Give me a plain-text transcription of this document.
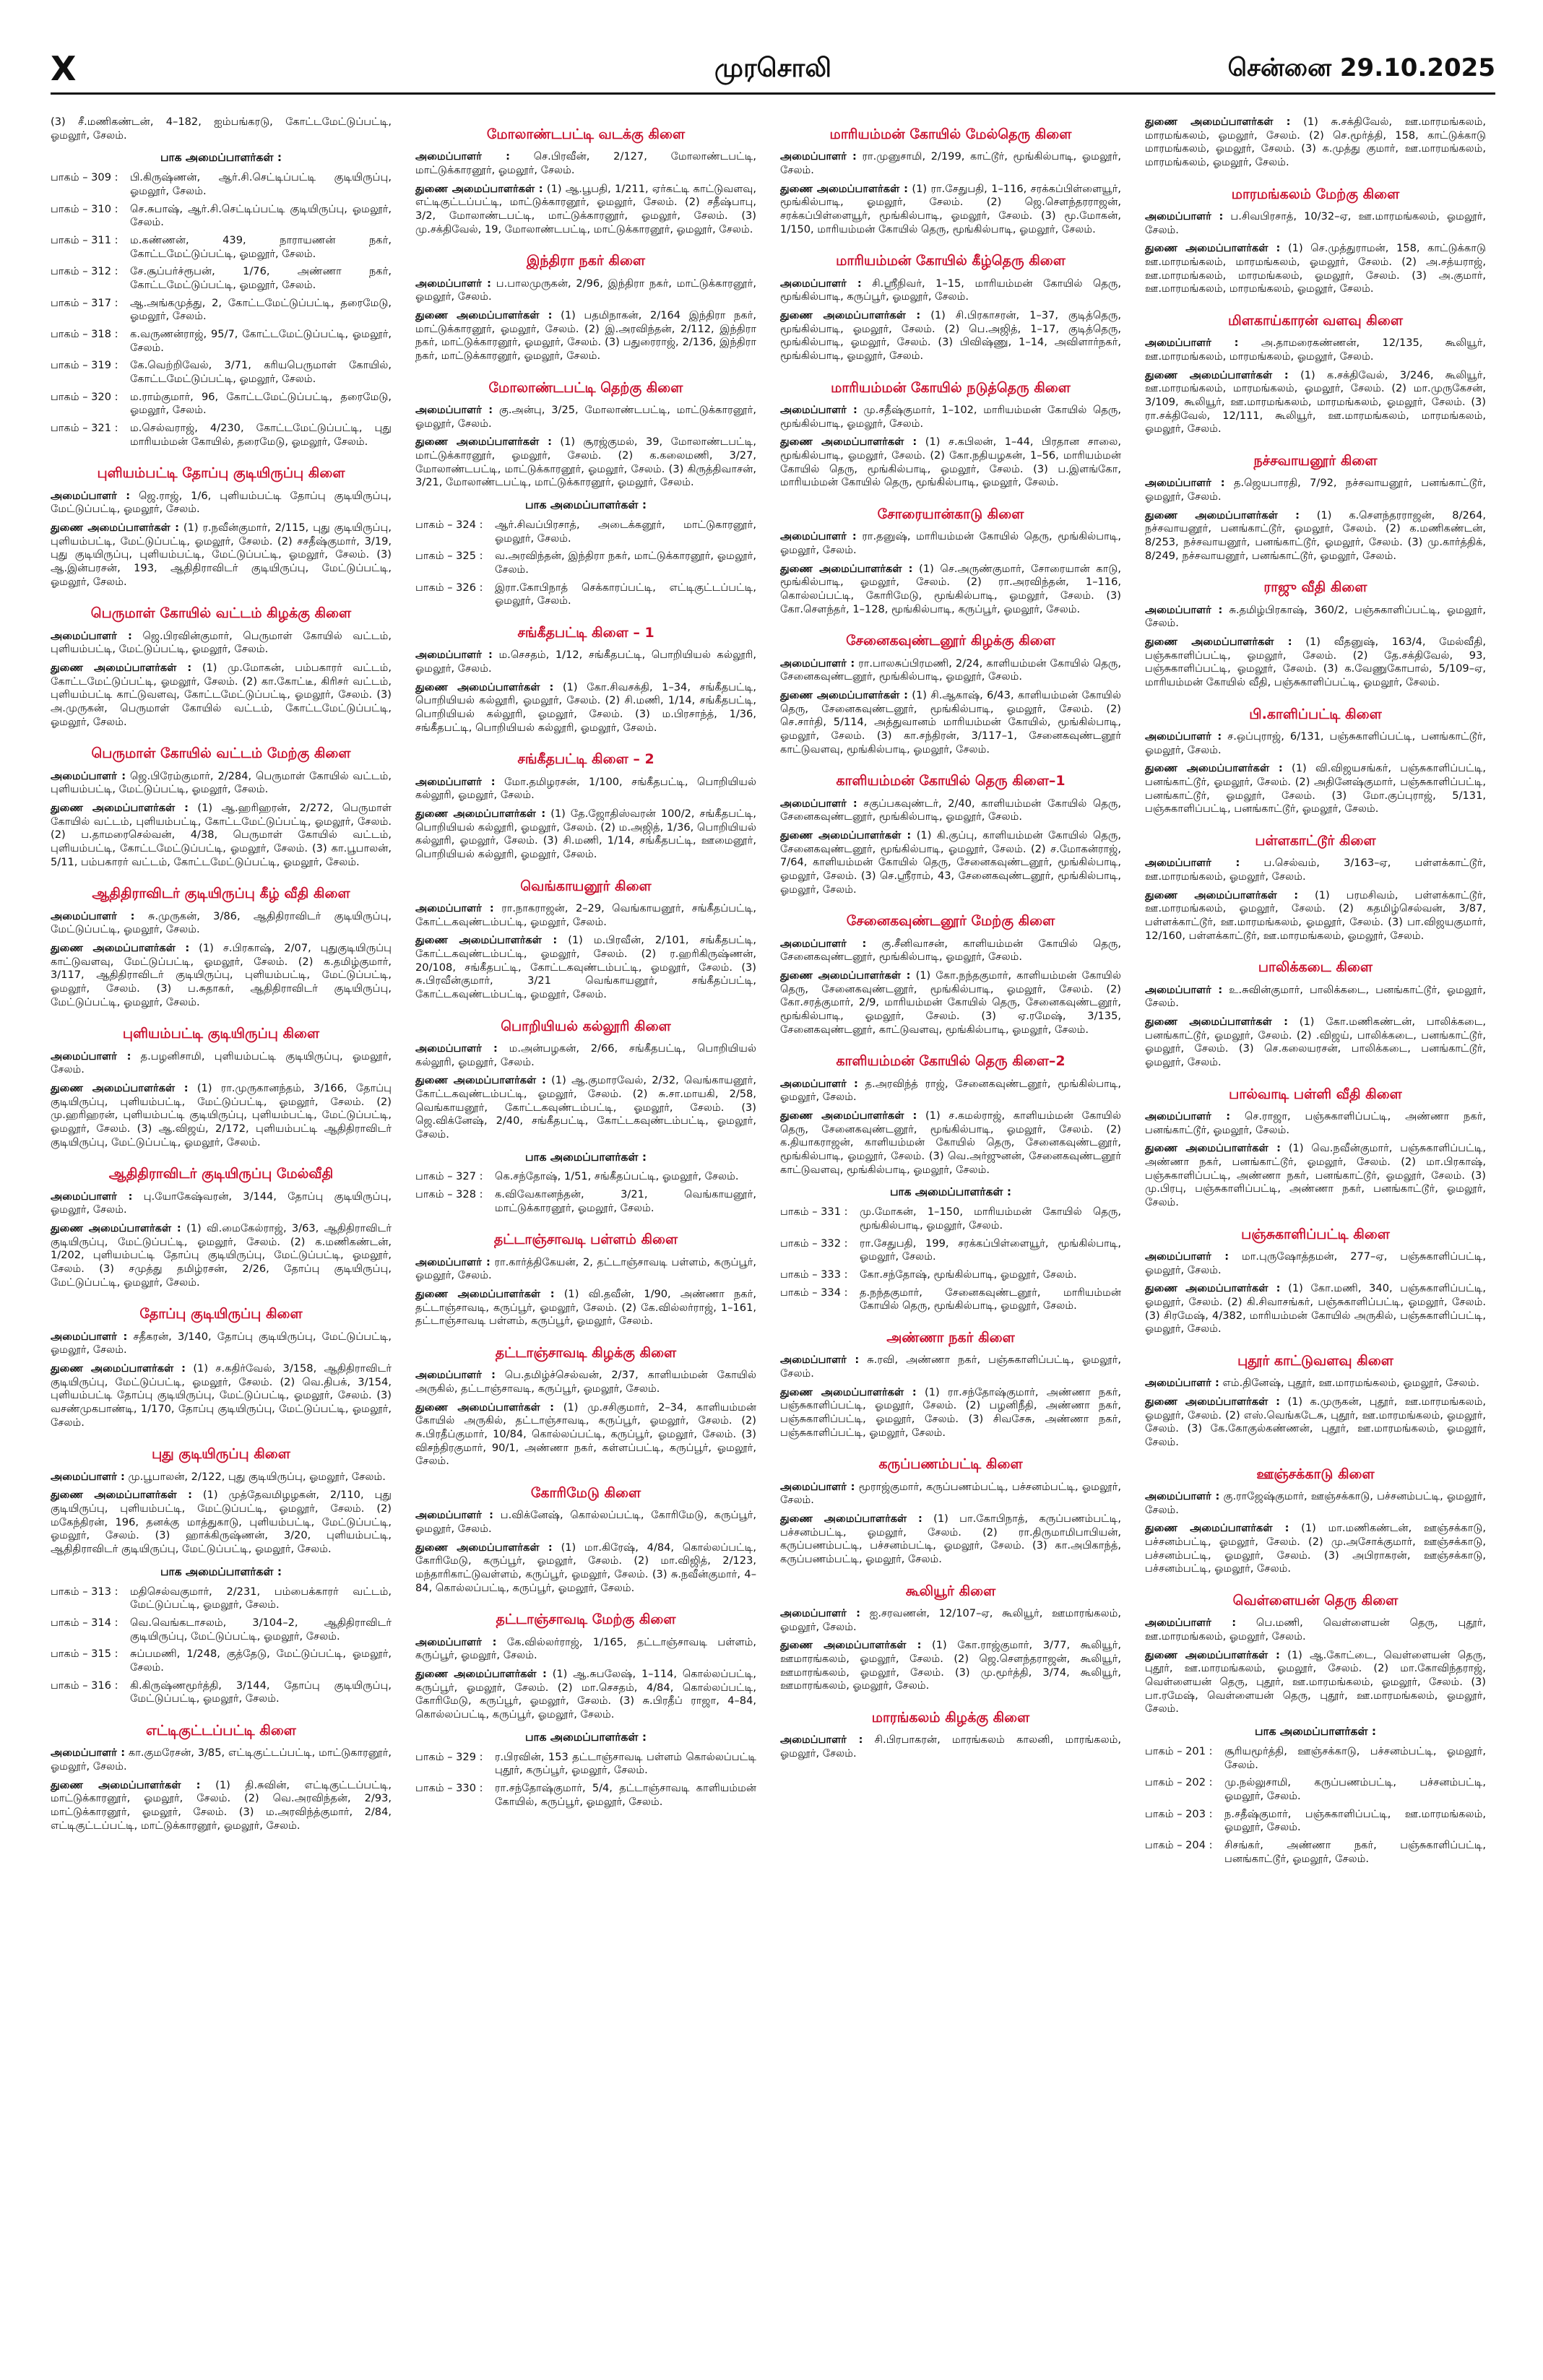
X	முரசொலி	சென்னை 29.10.2025
(3) சீ.மணிகண்டன், 4–182, ஐம்பங்கரடு, கோட்டமேட்டுப்பட்டி, ஓமலூர், சேலம்.
பாக அமைப்பாளர்கள் :
பாகம் – 309 :	பி.கிருஷ்ணன், ஆர்.சி.செட்டிப்பட்டி குடியிருப்பு, ஓமலூர், சேலம்.
பாகம் – 310 :	செ.சுபாஷ், ஆர்.சி.செட்டிப்பட்டி குடியிருப்பு, ஓமலூர், சேலம்.
பாகம் – 311 :	ம.கண்ணன், 439, நாராயணன் நகர், கோட்டமேட்டுப்பட்டி, ஓமலூர், சேலம்.
பாகம் – 312 :	சே.சூப்பர்ச்ரூபன், 1/76, அண்ணா நகர், கோட்டமேட்டுப்பட்டி, ஓமலூர், சேலம்.
பாகம் – 317 :	ஆ.அங்கமுத்து, 2, கோட்டமேட்டுப்பட்டி, தரைமேடு, ஓமலூர், சேலம்.
பாகம் – 318 :	க.வருணன்ராஜ், 95/7, கோட்டமேட்டுப்பட்டி, ஓமலூர், சேலம்.
பாகம் – 319 :	கே.வெற்றிவேல், 3/71, கரியபெருமாள் கோயில், கோட்டமேட்டுப்பட்டி, ஓமலூர், சேலம்.
பாகம் – 320 :	ம.ராம்குமார், 96, கோட்டமேட்டுப்பட்டி, தரைமேடு, ஓமலூர், சேலம்.
பாகம் – 321 :	ம.செல்வராஜ், 4/230, கோட்டமேட்டுப்பட்டி, புது மாரியம்மன் கோயில், தரைமேடு, ஓமலூர், சேலம்.
புளியம்பட்டி தோப்பு குடியிருப்பு கிளை
அமைப்பாளர் : ஜெ.ராஜ், 1/6, புளியம்பட்டி தோப்பு குடியிருப்பு, மேட்டுப்பட்டி, ஓமலூர், சேலம்.
துணை அமைப்பாளர்கள் : (1) ர.நவீன்குமார், 2/115, புது குடியிருப்பு, புளியம்பட்டி, மேட்டுப்பட்டி, ஓமலூர், சேலம். (2) சசதீஷ்குமார், 3/19, புது குடியிருப்பு, புளியம்பட்டி, மேட்டுப்பட்டி, ஓமலூர், சேலம். (3) ஆ.இன்பரசன், 193, ஆதிதிராவிடர் குடியிருப்பு, மேட்டுப்பட்டி, ஓமலூர், சேலம்.
பெருமாள் கோயில் வட்டம் கிழக்கு கிளை
அமைப்பாளர் : ஜெ.பிரவின்குமார், பெருமாள் கோயில் வட்டம், புளியம்பட்டி, மேட்டுப்பட்டி, ஓமலூர், சேலம்.
துணை அமைப்பாளர்கள் : (1) மு.மோகன், பம்பகாரர் வட்டம், கோட்டமேட்டுப்பட்டி, ஓமலூர், சேலம். (2) கா.கோட்டீ, கிரிசர் வட்டம், புளியம்பட்டி காட்டுவளவு, கோட்டமேட்டுப்பட்டி, ஓமலூர், சேலம். (3) அ.முருகன், பெருமாள் கோயில் வட்டம், கோட்டமேட்டுப்பட்டி, ஓமலூர், சேலம்.
பெருமாள் கோயில் வட்டம் மேற்கு கிளை
அமைப்பாளர் : ஜெ.பிரேம்குமார், 2/284, பெருமாள் கோயில் வட்டம், புளியம்பட்டி, மேட்டுப்பட்டி, ஓமலூர், சேலம்.
துணை அமைப்பாளர்கள் : (1) ஆ.ஹரிஹரன், 2/272, பெருமாள் கோயில் வட்டம், புளியம்பட்டி, கோட்டமேட்டுப்பட்டி, ஓமலூர், சேலம். (2) ப.தாமரைசெல்வன், 4/38, பெருமாள் கோயில் வட்டம், புளியம்பட்டி, கோட்டமேட்டுப்பட்டி, ஓமலூர், சேலம். (3) கா.பூபாலன், 5/11, பம்பகாரர் வட்டம், கோட்டமேட்டுப்பட்டி, ஓமலூர், சேலம்.
ஆதிதிராவிடர் குடியிருப்பு கீழ் வீதி கிளை
அமைப்பாளர் : சு.முருகன், 3/86, ஆதிதிராவிடர் குடியிருப்பு, மேட்டுப்பட்டி, ஓமலூர், சேலம்.
துணை அமைப்பாளர்கள் : (1) ச.பிரகாஷ், 2/07, புதுகுடியிருப்பு காட்டுவளவு, மேட்டுப்பட்டி, ஓமலூர், சேலம். (2) க.தமிழ்குமார், 3/117, ஆதிதிராவிடர் குடியிருப்பு, புளியம்பட்டி, மேட்டுப்பட்டி, ஓமலூர், சேலம். (3) ப.சுதாகர், ஆதிதிராவிடர் குடியிருப்பு, மேட்டுப்பட்டி, ஓமலூர், சேலம்.
புளியம்பட்டி குடியிருப்பு கிளை
அமைப்பாளர் : த.பழனிசாமி, புளியம்பட்டி குடியிருப்பு, ஓமலூர், சேலம்.
துணை அமைப்பாளர்கள் : (1) ரா.முருகானந்தம், 3/166, தோப்பு குடியிருப்பு, புளியம்பட்டி, மேட்டுப்பட்டி, ஓமலூர், சேலம். (2) மு.ஹரிஹரன், புளியம்பட்டி குடியிருப்பு, புளியம்பட்டி, மேட்டுப்பட்டி, ஓமலூர், சேலம். (3) ஆ.விஜய், 2/172, புளியம்பட்டி ஆதிதிராவிடர் குடியிருப்பு, மேட்டுப்பட்டி, ஓமலூர், சேலம்.
ஆதிதிராவிடர் குடியிருப்பு மேல்வீதி
அமைப்பாளர் : பு.யோகேஷ்வரன், 3/144, தோப்பு குடியிருப்பு, ஓமலூர், சேலம்.
துணை அமைப்பாளர்கள் : (1) வி.மைகேல்ராஜ், 3/63, ஆதிதிராவிடர் குடியிருப்பு, மேட்டுப்பட்டி, ஓமலூர், சேலம். (2) க.மணிகண்டன், 1/202, புளியம்பட்டி தோப்பு குடியிருப்பு, மேட்டுப்பட்டி, ஓமலூர், சேலம். (3) சமுத்து தமிழ்ரசன், 2/26, தோப்பு குடியிருப்பு, மேட்டுப்பட்டி, ஓமலூர், சேலம்.
தோப்பு குடியிருப்பு கிளை
அமைப்பாளர் : சதீகரன், 3/140, தோப்பு குடியிருப்பு, மேட்டுப்பட்டி, ஓமலூர், சேலம்.
துணை அமைப்பாளர்கள் : (1) ச.கதிர்வேல், 3/158, ஆதிதிராவிடர் குடியிருப்பு, மேட்டுப்பட்டி, ஓமலூர், சேலம். (2) வெ.திபக், 3/154, புளியம்பட்டி தோப்பு குடியிருப்பு, மேட்டுப்பட்டி, ஓமலூர், சேலம். (3) வசண்முகபாண்டி, 1/170, தோப்பு குடியிருப்பு, மேட்டுப்பட்டி, ஓமலூர், சேலம்.
புது குடியிருப்பு கிளை
அமைப்பாளர் : மு.பூபாலன், 2/122, புது குடியிருப்பு, ஓமலூர், சேலம்.
துணை அமைப்பாளர்கள் : (1) முத்தேவமிழழகன், 2/110, புது குடியிருப்பு, புளியம்பட்டி, மேட்டுப்பட்டி, ஓமலூர், சேலம். (2) மகேந்திரன், 196, தனக்கு மாத்துகாடு, புளியம்பட்டி, மேட்டுப்பட்டி, ஓமலூர், சேலம். (3) ஹாக்கிருஷ்ணன், 3/20, புளியம்பட்டி, ஆதிதிராவிடர் குடியிருப்பு, மேட்டுப்பட்டி, ஓமலூர், சேலம்.
பாக அமைப்பாளர்கள் :
பாகம் – 313 :	மதிசெல்வகுமார், 2/231, பம்பைக்காரர் வட்டம், மேட்டுப்பட்டி, ஓமலூர், சேலம்.
பாகம் – 314 :	வெ.வெங்கடாசலம், 3/104–2, ஆதிதிராவிடர் குடியிருப்பு, மேட்டுப்பட்டி, ஓமலூர், சேலம்.
பாகம் – 315 :	சுப்பமணி, 1/248, குத்தேடு, மேட்டுப்பட்டி, ஓமலூர், சேலம்.
பாகம் – 316 :	கி.கிருஷ்ணமூர்த்தி, 3/144, தோப்பு குடியிருப்பு, மேட்டுப்பட்டி, ஓமலூர், சேலம்.
எட்டிகுட்டப்பட்டி கிளை
அமைப்பாளர் : கா.குமரேசன், 3/85, எட்டிகுட்டப்பட்டி, மாட்டுகாரனூர், ஓமலூர், சேலம்.
துணை அமைப்பாளர்கள் : (1) தி.சுவின், எட்டிகுட்டப்பட்டி, மாட்டுக்காரனூர், ஓமலூர், சேலம். (2) வெ.அரவிந்தன், 2/93, மாட்டுக்காரனூர், ஓமலூர், சேலம். (3) ம.அரவிந்த்குமார், 2/84, எட்டிகுட்டப்பட்டி, மாட்டுக்காரனூர், ஓமலூர், சேலம்.
மோலாண்டபட்டி வடக்கு கிளை
அமைப்பாளர் : செ.பிரவீன், 2/127, மோலாண்டபட்டி, மாட்டுக்காரனூர், ஓமலூர், சேலம்.
துணை அமைப்பாளர்கள் : (1) ஆ.பூபதி, 1/211, ஏர்கட்டி காட்டுவளவு, எட்டிகுட்டப்பட்டி, மாட்டுக்காரனூர், ஓமலூர், சேலம். (2) சதீஷ்பாபு, 3/2, மோலாண்டபட்டி, மாட்டுக்காரனூர், ஓமலூர், சேலம். (3) மு.சக்திவேல், 19, மோலாண்டபட்டி, மாட்டுக்காரனூர், ஓமலூர், சேலம்.
இந்திரா நகர் கிளை
அமைப்பாளர் : ப.பாலமுருகன், 2/96, இந்திரா நகர், மாட்டுக்காரனூர், ஓமலூர், சேலம்.
துணை அமைப்பாளர்கள் : (1) பதமிநாகன், 2/164 இந்திரா நகர், மாட்டுக்காரனூர், ஓமலூர், சேலம். (2) இ.அரவிந்தன், 2/112, இந்திரா நகர், மாட்டுக்காரனூர், ஓமலூர், சேலம். (3) பதுரைராஜ், 2/136, இந்திரா நகர், மாட்டுக்காரனூர், ஓமலூர், சேலம்.
மோலாண்டபட்டி தெற்கு கிளை
அமைப்பாளர் : கு.அன்பு, 3/25, மோலாண்டபட்டி, மாட்டுக்காரனூர், ஓமலூர், சேலம்.
துணை அமைப்பாளர்கள் : (1) சூரஜ்குமல், 39, மோலாண்டபட்டி, மாட்டுக்காரனூர், ஓமலூர், சேலம். (2) க.கலைமணி, 3/27, மோலாண்டபட்டி, மாட்டுக்காரனூர், ஓமலூர், சேலம். (3) கிருத்திவாசன், 3/21, மோலாண்டபட்டி, மாட்டுக்காரனூர், ஓமலூர், சேலம்.
பாக அமைப்பாளர்கள் :
பாகம் – 324 :	ஆர்.சிவப்பிரசாத், அடைக்கனூர், மாட்டுகாரனூர், ஓமலூர், சேலம்.
பாகம் – 325 :	வ.அரவிந்தன், இந்திரா நகர், மாட்டுக்காரனூர், ஓமலூர், சேலம்.
பாகம் – 326 :	இரா.கோபிநாத் செக்காரப்பட்டி, எட்டிகுட்டப்பட்டி, ஓமலூர், சேலம்.
சங்கீதபட்டி கிளை – 1
அமைப்பாளர் : ம.செசதம், 1/12, சங்கீதபட்டி, பொறியியல் கல்லூரி, ஓமலூர், சேலம்.
துணை அமைப்பாளர்கள் : (1) கோ.சிவசக்தி, 1–34, சங்கீதபட்டி, பொறியியல் கல்லூரி, ஓமலூர், சேலம். (2) சி.மணி, 1/14, சங்கீதபட்டி, பொறியியல் கல்லூரி, ஓமலூர், சேலம். (3) ம.பிரசாந்த், 1/36, சங்கீதபட்டி, பொறியியல் கல்லூரி, ஓமலூர், சேலம்.
சங்கீதபட்டி கிளை – 2
அமைப்பாளர் : மோ.தமிழரசன், 1/100, சங்கீதபட்டி, பொறியியல் கல்லூரி, ஓமலூர், சேலம்.
துணை அமைப்பாளர்கள் : (1) தே.ஜோதிஸ்வரன் 100/2, சங்கீதபட்டி, பொறியியல் கல்லூரி, ஓமலூர், சேலம். (2) ம.அஜித், 1/36, பொறியியல் கல்லூரி, ஓமலூர், சேலம். (3) சி.மணி, 1/14, சங்கீதபட்டி, ஊமைனூர், பொறியியல் கல்லூரி, ஓமலூர், சேலம்.
வெங்காயனூர் கிளை
அமைப்பாளர் : ரா.நாகராஜன், 2–29, வெங்காயனூர், சங்கீதப்பட்டி, கோட்டகவுண்டம்பட்டி, ஓமலூர், சேலம்.
துணை அமைப்பாளர்கள் : (1) ம.பிரவீன், 2/101, சங்கீதபட்டி, கோட்டகவுண்டம்பட்டி, ஓமலூர், சேலம். (2) ர.ஹரிகிருஷ்ணன், 20/108, சங்கீதபட்டி, கோட்டகவுண்டம்பட்டி, ஓமலூர், சேலம். (3) சு.பிரவீன்குமார், 3/21 வெங்காயனூர், சங்கீதப்பட்டி, கோட்டகவுண்டம்பட்டி, ஓமலூர், சேலம்.
பொறியியல் கல்லூரி கிளை
அமைப்பாளர் : ம.அன்பழகன், 2/66, சங்கீதபட்டி, பொறியியல் கல்லூரி, ஓமலூர், சேலம்.
துணை அமைப்பாளர்கள் : (1) ஆ.குமாரவேல், 2/32, வெங்காயனூர், கோட்டகவுண்டம்பட்டி, ஓமலூர், சேலம். (2) சு.சா.மாயகி, 2/58, வெங்காயனூர், கோட்டகவுண்டம்பட்டி, ஓமலூர், சேலம். (3) ஜெ.விக்னேஷ், 2/40, சங்கீதபட்டி, கோட்டகவுண்டம்பட்டி, ஓமலூர், சேலம்.
பாக அமைப்பாளர்கள் :
பாகம் – 327 :	கெ.சந்தோஷ், 1/51, சங்கீதப்பட்டி, ஓமலூர், சேலம்.
பாகம் – 328 :	க.விவேகானந்தன், 3/21, வெங்காயனூர், மாட்டுக்காரனூர், ஓமலூர், சேலம்.
தட்டாஞ்சாவடி பள்ளம் கிளை
அமைப்பாளர் : ரா.கார்த்திகேயன், 2, தட்டாஞ்சாவடி பள்ளம், கருப்பூர், ஓமலூர், சேலம்.
துணை அமைப்பாளர்கள் : (1) வி.தவீன், 1/90, அண்ணா நகர், தட்டாஞ்சாவடி, கருப்பூர், ஓமலூர், சேலம். (2) கே.வில்லர்ராஜ், 1–161, தட்டாஞ்சாவடி பள்ளம், கருப்பூர், ஓமலூர், சேலம்.
தட்டாஞ்சாவடி கிழக்கு கிளை
அமைப்பாளர் : பெ.தமிழ்ச்செல்வன், 2/37, காளியம்மன் கோயில் அருகில், தட்டாஞ்சாவடி, கருப்பூர், ஓமலூர், சேலம்.
துணை அமைப்பாளர்கள் : (1) மு.சசிகுமார், 2–34, காளியம்மன் கோயில் அருகில், தட்டாஞ்சாவடி, கருப்பூர், ஓமலூர், சேலம். (2) சு.பிரதீப்குமார், 10/84, கொல்லப்பட்டி, கருப்பூர், ஓமலூர், சேலம். (3) விசந்திரகுமார், 90/1, அண்ணா நகர், கள்ளப்பட்டி, கருப்பூர், ஓமலூர், சேலம்.
கோரிமேடு கிளை
அமைப்பாளர் : ப.விக்னேஷ், கொல்லப்பட்டி, கோரிமேடு, கருப்பூர், ஓமலூர், சேலம்.
துணை அமைப்பாளர்கள் : (1) மா.கிரேஷ், 4/84, கொல்லப்பட்டி, கோரிமேடு, கருப்பூர், ஓமலூர், சேலம். (2) மா.விஜித், 2/123, மந்தாரிகாட்டுவள்ளம், கருப்பூர், ஓமலூர், சேலம். (3) சு.நவீன்குமார், 4–84, கொல்லப்பட்டி, கருப்பூர், ஓமலூர், சேலம்.
தட்டாஞ்சாவடி மேற்கு கிளை
அமைப்பாளர் : கே.வில்லர்ராஜ், 1/165, தட்டாஞ்சாவடி பள்ளம், கருப்பூர், ஓமலூர், சேலம்.
துணை அமைப்பாளர்கள் : (1) ஆ.சுபலேஷ், 1–114, கொல்லப்பட்டி, கருப்பூர், ஓமலூர், சேலம். (2) மா.செசதம், 4/84, கொல்லப்பட்டி, கோரிமேடு, கருப்பூர், ஓமலூர், சேலம். (3) சு.பிரதீப் ராஜா, 4–84, கொல்லப்பட்டி, கருப்பூர், ஓமலூர், சேலம்.
பாக அமைப்பாளர்கள் :
பாகம் – 329 :	ர.பிரவின், 153 தட்டாஞ்சாவடி பள்ளம் கொல்லப்பட்டி புதூர், கருப்பூர், ஓமலூர், சேலம்.
பாகம் – 330 :	ரா.சந்தோஷ்குமார், 5/4, தட்டாஞ்சாவடி காளியம்மன் கோயில், கருப்பூர், ஓமலூர், சேலம்.
மாரியம்மன் கோயில் மேல்தெரு கிளை
அமைப்பாளர் : ரா.முனுசாமி, 2/199, காட்டூர், மூங்கில்பாடி, ஓமலூர், சேலம்.
துணை அமைப்பாளர்கள் : (1) ரா.சேதுபதி, 1–116, சரக்கப்பிள்ளையூர், மூங்கில்பாடி, ஓமலூர், சேலம். (2) ஜெ.சௌந்தரராஜன், சரக்கப்பிள்ளையூர், மூங்கில்பாடி, ஓமலூர், சேலம். (3) மூ.மோகன், 1/150, மாரியம்மன் கோயில் தெரு, மூங்கில்பாடி, ஓமலூர், சேலம்.
மாரியம்மன் கோயில் கீழ்தெரு கிளை
அமைப்பாளர் : சி.ஸ்ரீநிவர், 1–15, மாரியம்மன் கோயில் தெரு, மூங்கில்பாடி, கருப்பூர், ஓமலூர், சேலம்.
துணை அமைப்பாளர்கள் : (1) சி.பிரகாசரன், 1–37, குடித்தெரு, மூங்கில்பாடி, ஓமலூர், சேலம். (2) பெ.அஜித், 1–17, குடித்தெரு, மூங்கில்பாடி, ஓமலூர், சேலம். (3) பிவிஷ்ணு, 1–14, அவிளார்நகர், மூங்கில்பாடி, ஓமலூர், சேலம்.
மாரியம்மன் கோயில் நடுத்தெரு கிளை
அமைப்பாளர் : மு.சதீஷ்குமார், 1–102, மாரியம்மன் கோயில் தெரு, மூங்கில்பாடி, ஓமலூர், சேலம்.
துணை அமைப்பாளர்கள் : (1) ச.கபிலன், 1–44, பிரதான சாலை, மூங்கில்பாடி, ஓமலூர், சேலம். (2) கோ.நதியழகன், 1–56, மாரியம்மன் கோயில் தெரு, மூங்கில்பாடி, ஓமலூர், சேலம். (3) ப.இளங்கோ, மாரியம்மன் கோயில் தெரு, மூங்கில்பாடி, ஓமலூர், சேலம்.
சோரையான்காடு கிளை
அமைப்பாளர் : ரா.தனுஷ், மாரியம்மன் கோயில் தெரு, மூங்கில்பாடி, ஓமலூர், சேலம்.
துணை அமைப்பாளர்கள் : (1) செ.அருண்குமார், சோரையான் காடு, மூங்கில்பாடி, ஓமலூர், சேலம். (2) ரா.அரவிந்தன், 1–116, கொல்லப்பட்டி, கோரிமேடு, மூங்கில்பாடி, ஓமலூர், சேலம். (3) கோ.சௌந்தர், 1–128, மூங்கில்பாடி, கருப்பூர், ஓமலூர், சேலம்.
சேனைகவுண்டனூர் கிழக்கு கிளை
அமைப்பாளர் : ரா.பாலசுப்பிரமணி, 2/24, காளியம்மன் கோயில் தெரு, சேனைகவுண்டனூர், மூங்கில்பாடி, ஓமலூர், சேலம்.
துணை அமைப்பாளர்கள் : (1) சி.ஆகாஷ், 6/43, காளியம்மன் கோயில் தெரு, சேனைகவுண்டனூர், மூங்கில்பாடி, ஓமலூர், சேலம். (2) செ.சார்தி, 5/114, அத்துவானம் மாரியம்மன் கோயில், மூங்கில்பாடி, ஓமலூர், சேலம். (3) கா.சந்திரன், 3/117–1, சேனைகவுண்டனூர் காட்டுவளவு, மூங்கில்பாடி, ஓமலூர், சேலம்.
காளியம்மன் கோயில் தெரு கிளை–1
அமைப்பாளர் : சகுப்பகவுண்டர், 2/40, காளியம்மன் கோயில் தெரு, சேனைகவுண்டனூர், மூங்கில்பாடி, ஓமலூர், சேலம்.
துணை அமைப்பாளர்கள் : (1) கி.குப்பு, காளியம்மன் கோயில் தெரு, சேனைகவுண்டனூர், மூங்கில்பாடி, ஓமலூர், சேலம். (2) ச.மோகன்ராஜ், 7/64, காளியம்மன் கோயில் தெரு, சேனைகவுண்டனூர், மூங்கில்பாடி, ஓமலூர், சேலம். (3) செ.ஸ்ரீராம், 43, சேனைகவுண்டனூர், மூங்கில்பாடி, ஓமலூர், சேலம்.
சேனைகவுண்டனூர் மேற்கு கிளை
அமைப்பாளர் : கு.சீனிவாசன், காளியம்மன் கோயில் தெரு, சேனைகவுண்டனூர், மூங்கில்பாடி, ஓமலூர், சேலம்.
துணை அமைப்பாளர்கள் : (1) கோ.நந்தகுமார், காளியம்மன் கோயில் தெரு, சேனைகவுண்டனூர், மூங்கில்பாடி, ஓமலூர், சேலம். (2) கோ.சரத்குமார், 2/9, மாரியம்மன் கோயில் தெரு, சேனைகவுண்டனூர், மூங்கில்பாடி, ஓமலூர், சேலம். (3) ஏ.ரமேஷ், 3/135, சேனைகவுண்டனூர், காட்டுவளவு, மூங்கில்பாடி, ஓமலூர், சேலம்.
காளியம்மன் கோயில் தெரு கிளை–2
அமைப்பாளர் : த.அரவிந்த் ராஜ், சேனைகவுண்டனூர், மூங்கில்பாடி, ஓமலூர், சேலம்.
துணை அமைப்பாளர்கள் : (1) ச.கமல்ராஜ், காளியம்மன் கோயில் தெரு, சேனைகவுண்டனூர், மூங்கில்பாடி, ஓமலூர், சேலம். (2) க.தியாகராஜன், காளியம்மன் கோயில் தெரு, சேனைகவுண்டனூர், மூங்கில்பாடி, ஓமலூர், சேலம். (3) வெ.அர்ஜுனன், சேனைகவுண்டனூர் காட்டுவளவு, மூங்கில்பாடி, ஓமலூர், சேலம்.
பாக அமைப்பாளர்கள் :
பாகம் – 331 :	மு.மோகன், 1–150, மாரியம்மன் கோயில் தெரு, மூங்கில்பாடி, ஓமலூர், சேலம்.
பாகம் – 332 :	ரா.சேதுபதி, 199, சரக்கப்பிள்ளையூர், மூங்கில்பாடி, ஓமலூர், சேலம்.
பாகம் – 333 :	கோ.சந்தோஷ், மூங்கில்பாடி, ஓமலூர், சேலம்.
பாகம் – 334 :	த.நந்தகுமார், சேனைகவுண்டனூர், மாரியம்மன் கோயில் தெரு, மூங்கில்பாடி, ஓமலூர், சேலம்.
அண்ணா நகர் கிளை
அமைப்பாளர் : சு.ரவி, அண்ணா நகர், பஞ்சுகாளிப்பட்டி, ஓமலூர், சேலம்.
துணை அமைப்பாளர்கள் : (1) ரா.சந்தோஷ்குமார், அண்ணா நகர், பஞ்சுகாளிப்பட்டி, ஓமலூர், சேலம். (2) பழனிநீதி, அண்ணா நகர், பஞ்சுகாளிப்பட்டி, ஓமலூர், சேலம். (3) சிவசேசு, அண்ணா நகர், பஞ்சுகாளிப்பட்டி, ஓமலூர், சேலம்.
கருப்பணம்பட்டி கிளை
அமைப்பாளர் : மூராஜ்குமார், கருப்பணம்பட்டி, பச்சனம்பட்டி, ஓமலூர், சேலம்.
துணை அமைப்பாளர்கள் : (1) பா.கோபிநாத், கருப்பணம்பட்டி, பச்சனம்பட்டி, ஓமலூர், சேலம். (2) ரா.திருமாமிபாபியன், கருப்பணம்பட்டி, பச்சனம்பட்டி, ஓமலூர், சேலம். (3) கா.அபிகாந்த், கருப்பணம்பட்டி, ஓமலூர், சேலம்.
கூலியூர் கிளை
அமைப்பாளர் : ஐ.சரவணன், 12/107–ஏ, கூலியூர், ஊமாரங்கலம், ஓமலூர், சேலம்.
துணை அமைப்பாளர்கள் : (1) கோ.ராஜ்குமார், 3/77, கூலியூர், ஊமாரங்கலம், ஓமலூர், சேலம். (2) ஜெ.சௌந்தராஜன், கூலியூர், ஊமாரங்கலம், ஓமலூர், சேலம். (3) மு.மூர்த்தி, 3/74, கூலியூர், ஊமாரங்கலம், ஓமலூர், சேலம்.
மாரங்கலம் கிழக்கு கிளை
அமைப்பாளர் : சி.பிரபாகரன், மாரங்கலம் காலனி, மாரங்கலம், ஓமலூர், சேலம்.
துணை அமைப்பாளர்கள் : (1) சு.சக்திவேல், ஊ.மாரமங்கலம், மாரமங்கலம், ஓமலூர், சேலம். (2) செ.மூர்த்தி, 158, காட்டுக்காடு மாரமங்கலம், ஓமலூர், சேலம். (3) க.முத்து குமார், ஊ.மாரமங்கலம், மாரமங்கலம், ஓமலூர், சேலம்.
மாரமங்கலம் மேற்கு கிளை
அமைப்பாளர் : ப.சிவபிரசாத், 10/32–ஏ, ஊ.மாரமங்கலம், ஓமலூர், சேலம்.
துணை அமைப்பாளர்கள் : (1) செ.முத்துராமன், 158, காட்டுக்காடு ஊ.மாரமங்கலம், மாரமங்கலம், ஓமலூர், சேலம். (2) அ.சத்யராஜ், ஊ.மாரமங்கலம், மாரமங்கலம், ஓமலூர், சேலம். (3) அ.குமார், ஊ.மாரமங்கலம், மாரமங்கலம், ஓமலூர், சேலம்.
மிளகாய்காரன் வளவு கிளை
அமைப்பாளர் : அ.தாமரைகண்ணன், 12/135, கூலியூர், ஊ.மாரமங்கலம், மாரமங்கலம், ஓமலூர், சேலம்.
துணை அமைப்பாளர்கள் : (1) க.சக்திவேல், 3/246, கூலியூர், ஊ.மாரமங்கலம், மாரமங்கலம், ஓமலூர், சேலம். (2) மா.முருகேசன், 3/109, கூலியூர், ஊ.மாரமங்கலம், மாரமங்கலம், ஓமலூர், சேலம். (3) ரா.சக்திவேல், 12/111, கூலியூர், ஊ.மாரமங்கலம், மாரமங்கலம், ஓமலூர், சேலம்.
நச்சவாயனூர் கிளை
அமைப்பாளர் : த.ஜெயபாரதி, 7/92, நச்சவாயனூர், பனங்காட்டூர், ஓமலூர், சேலம்.
துணை அமைப்பாளர்கள் : (1) க.செளந்தரராஜன், 8/264, நச்சவாயனூர், பனங்காட்டூர், ஓமலூர், சேலம். (2) க.மணிகண்டன், 8/253, நச்சவாயனூர், பனங்காட்டூர், ஓமலூர், சேலம். (3) மு.கார்த்திக், 8/249, நச்சவாயனூர், பனங்காட்டூர், ஓமலூர், சேலம்.
ராஜு வீதி கிளை
அமைப்பாளர் : சு.தமிழ்பிரகாஷ், 360/2, பஞ்சுகாளிப்பட்டி, ஓமலூர், சேலம்.
துணை அமைப்பாளர்கள் : (1) வீதனுஷ், 163/4, மேல்வீதி, பஞ்சுகாளிப்பட்டி, ஓமலூர், சேலம். (2) தே.சக்திவேல், 93, பஞ்சுகாளிப்பட்டி, ஓமலூர், சேலம். (3) க.வேணுகோபால், 5/109–ஏ, மாரியம்மன் கோயில் வீதி, பஞ்சுகாளிப்பட்டி, ஓமலூர், சேலம்.
பி.காளிப்பட்டி கிளை
அமைப்பாளர் : ச.ஒப்புராஜ், 6/131, பஞ்சுகாளிப்பட்டி, பனங்காட்டூர், ஓமலூர், சேலம்.
துணை அமைப்பாளர்கள் : (1) வி.விஜயசங்கர், பஞ்சுகாளிப்பட்டி, பனங்காட்டூர், ஓமலூர், சேலம். (2) அதினேஷ்குமார், பஞ்சுகாளிப்பட்டி, பனங்காட்டூர், ஓமலூர், சேலம். (3) மோ.குப்புராஜ், 5/131, பஞ்சுகாளிப்பட்டி, பனங்காட்டூர், ஓமலூர், சேலம்.
பள்ளகாட்டூர் கிளை
அமைப்பாளர் : ப.செல்வம், 3/163–ஏ, பள்ளக்காட்டூர், ஊ.மாரமங்கலம், ஓமலூர், சேலம்.
துணை அமைப்பாளர்கள் : (1) பரமசிவம், பள்ளக்காட்டூர், ஊ.மாரமங்கலம், ஓமலூர், சேலம். (2) கதமிழ்செல்வன், 3/87, பள்ளக்காட்டூர், ஊ.மாரமங்கலம், ஓமலூர், சேலம். (3) பா.விஜயகுமார், 12/160, பள்ளக்காட்டூர், ஊ.மாரமங்கலம், ஓமலூர், சேலம்.
பாலிக்கடை கிளை
அமைப்பாளர் : உ.சுவின்குமார், பாலிக்கடை, பனங்காட்டூர், ஓமலூர், சேலம்.
துணை அமைப்பாளர்கள் : (1) கோ.மணிகண்டன், பாலிக்கடை, பனங்காட்டூர், ஓமலூர், சேலம். (2) .விஜய், பாலிக்கடை, பனங்காட்டூர், ஓமலூர், சேலம். (3) செ.கலையரசன், பாலிக்கடை, பனங்காட்டூர், ஓமலூர், சேலம்.
பால்வாடி பள்ளி வீதி கிளை
அமைப்பாளர் : செ.ராஜா, பஞ்சுகாளிப்பட்டி, அண்ணா நகர், பனங்காட்டூர், ஓமலூர், சேலம்.
துணை அமைப்பாளர்கள் : (1) வெ.நவீன்குமார், பஞ்சுகாளிப்பட்டி, அண்ணா நகர், பனங்காட்டூர், ஓமலூர், சேலம். (2) மா.பிரகாஷ், பஞ்சுகாளிப்பட்டி, அண்ணா நகர், பனங்காட்டூர், ஓமலூர், சேலம். (3) மு.பிரபு, பஞ்சுகாளிப்பட்டி, அண்ணா நகர், பனங்காட்டூர், ஓமலூர், சேலம்.
பஞ்சுகாளிப்பட்டி கிளை
அமைப்பாளர் : மா.புருஷோத்தமன், 277–ஏ, பஞ்சுகாளிப்பட்டி, ஓமலூர், சேலம்.
துணை அமைப்பாளர்கள் : (1) கோ.மணி, 340, பஞ்சுகாளிப்பட்டி, ஓமலூர், சேலம். (2) கி.சிவாசங்கர், பஞ்சுகாளிப்பட்டி, ஓமலூர், சேலம். (3) சிரமேஷ், 4/382, மாரியம்மன் கோயில் அருகில், பஞ்சுகாளிப்பட்டி, ஓமலூர், சேலம்.
புதூர் காட்டுவளவு கிளை
அமைப்பாளர் : எம்.தினேஷ், புதூர், ஊ.மாரமங்கலம், ஓமலூர், சேலம்.
துணை அமைப்பாளர்கள் : (1) க.முருகன், புதூர், ஊ.மாரமங்கலம், ஓமலூர், சேலம். (2) எஸ்.வெங்கடேசு, புதூர், ஊ.மாரமங்கலம், ஓமலூர், சேலம். (3) கே.கோகுல்கண்ணன், புதூர், ஊ.மாரமங்கலம், ஓமலூர், சேலம்.
ஊஞ்சக்காடு கிளை
அமைப்பாளர் : கு.ராஜேஷ்குமார், ஊஞ்சக்காடு, பச்சனம்பட்டி, ஓமலூர், சேலம்.
துணை அமைப்பாளர்கள் : (1) மா.மணிகண்டன், ஊஞ்சக்காடு, பச்சனம்பட்டி, ஓமலூர், சேலம். (2) மு.அசோக்குமார், ஊஞ்சக்காடு, பச்சனம்பட்டி, ஓமலூர், சேலம். (3) அபிராகரன், ஊஞ்சக்காடு, பச்சனம்பட்டி, ஓமலூர், சேலம்.
வெள்ளையன் தெரு கிளை
அமைப்பாளர் : பெ.மணி, வெள்ளையன் தெரு, புதூர், ஊ.மாரமங்கலம், ஓமலூர், சேலம்.
துணை அமைப்பாளர்கள் : (1) ஆ.கோட்டை, வெள்ளையன் தெரு, புதூர், ஊ.மாரமங்கலம், ஓமலூர், சேலம். (2) மா.கோவிந்தராஜ், வெள்ளையன் தெரு, புதூர், ஊ.மாரமங்கலம், ஓமலூர், சேலம். (3) பா.ரமேஷ், வெள்ளையன் தெரு, புதூர், ஊ.மாரமங்கலம், ஓமலூர், சேலம்.
பாக அமைப்பாளர்கள் :
பாகம் – 201 :	சூரியமூர்த்தி, ஊஞ்சக்காடு, பச்சனம்பட்டி, ஓமலூர், சேலம்.
பாகம் – 202 :	மு.நல்லுசாமி, கருப்பணம்பட்டி, பச்சனம்பட்டி, ஓமலூர், சேலம்.
பாகம் – 203 :	ந.சதீஷ்குமார், பஞ்சுகாளிப்பட்டி, ஊ.மாரமங்கலம், ஓமலூர், சேலம்.
பாகம் – 204 :	சிசங்கர், அண்ணா நகர், பஞ்சுகாளிப்பட்டி, பனங்காட்டூர், ஓமலூர், சேலம்.
